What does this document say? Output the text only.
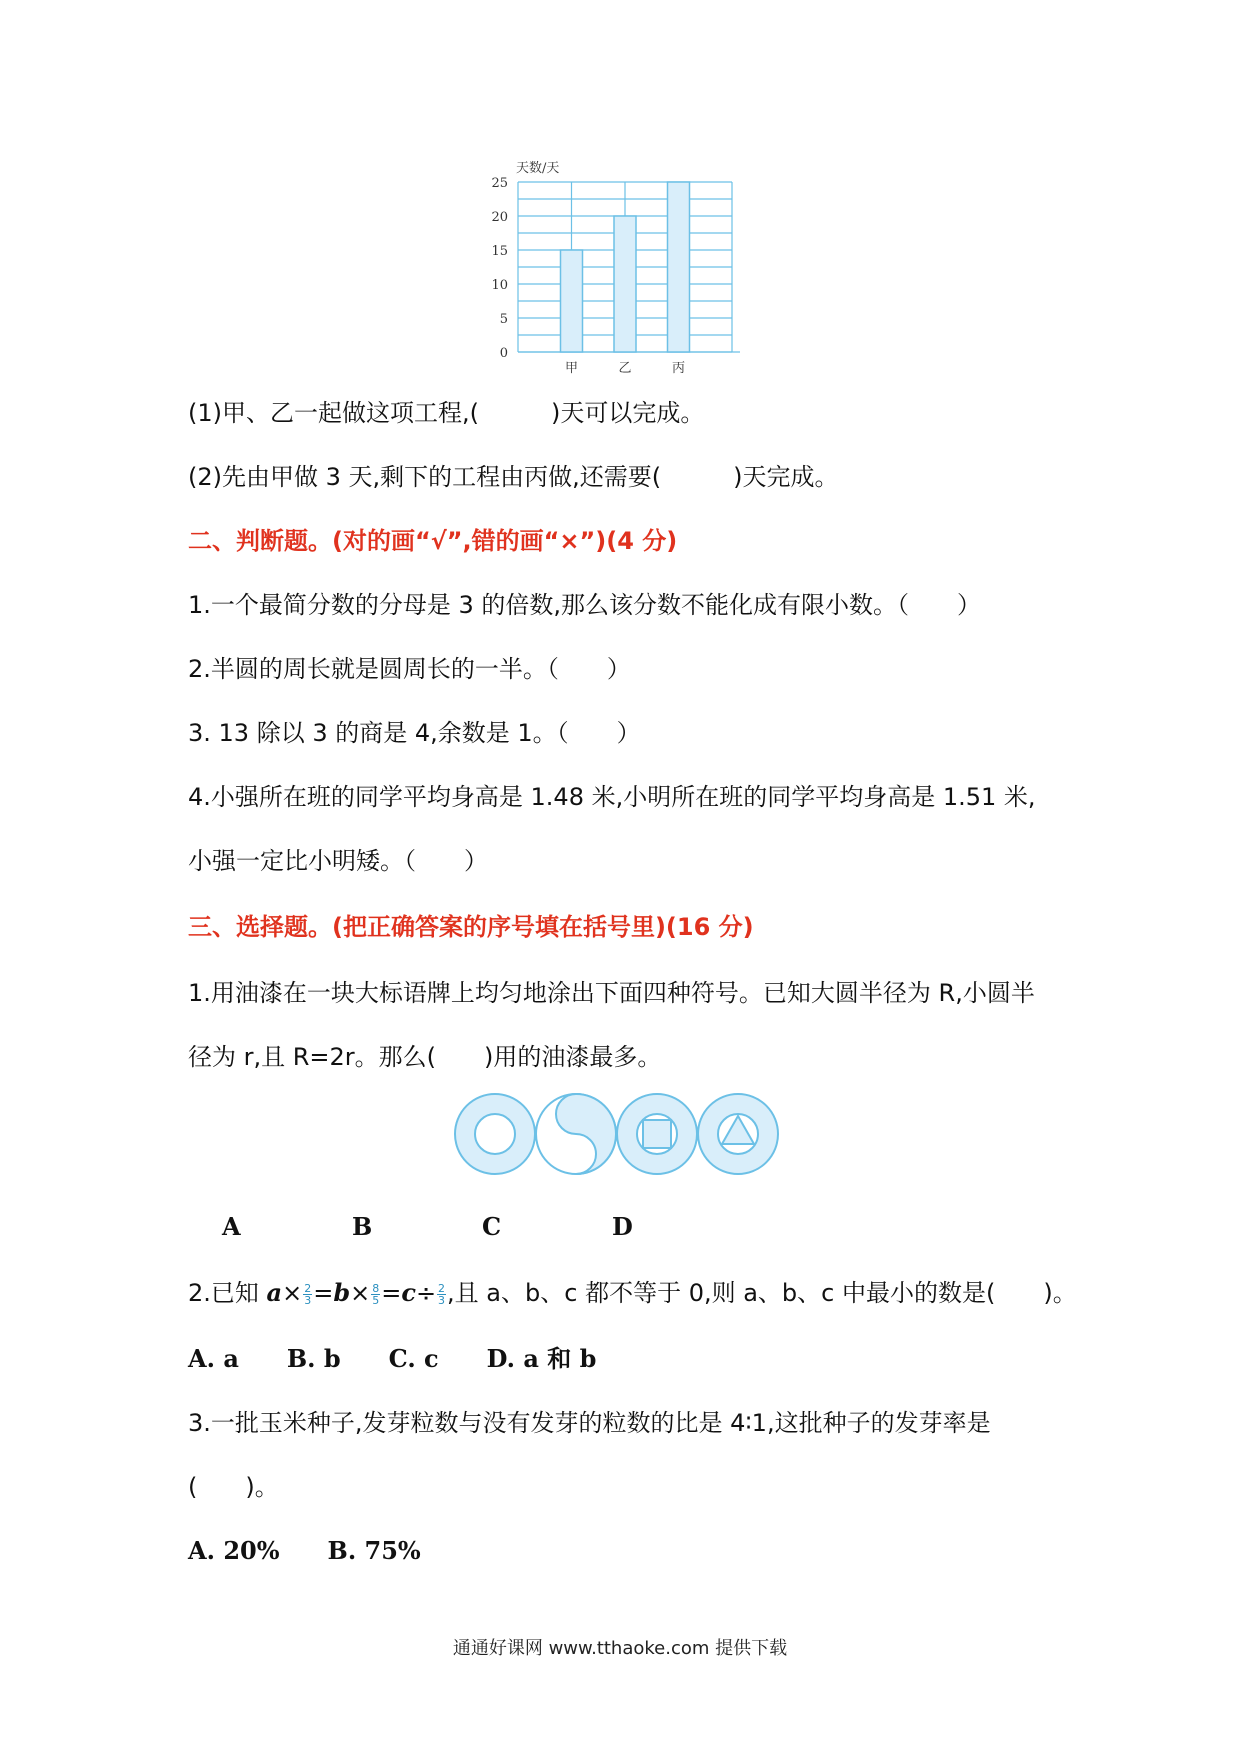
0
5
10
15
20
25
天数/天
甲	乙	丙
(1)甲、乙一起做这项工程,(　　　)天可以完成。
(2)先由甲做 3 天,剩下的工程由丙做,还需要(　　　)天完成。
二、判断题。(对的画“√”,错的画“×”)(4 分)
1.一个最简分数的分母是 3 的倍数,那么该分数不能化成有限小数。（　　）
2.半圆的周长就是圆周长的一半。（　　）
3. 13 除以 3 的商是 4,余数是 1。（　　）
4.小强所在班的同学平均身高是 1.48 米,小明所在班的同学平均身高是 1.51 米,
小强一定比小明矮。（　　）
三、选择题。(把正确答案的序号填在括号里)(16 分)
1.用油漆在一块大标语牌上均匀地涂出下面四种符号。已知大圆半径为 R,小圆半
径为 r,且 R=2r。那么(　　)用的油漆最多。
A	B	C	D
2.已知 $a\times \frac{2}{3} =b\times \frac{8}{5} =c\div \frac{2}{3}$ ,且 a、b、c 都不等于 0,则 a、b、c 中最小的数是(　　)。
A. a　　B. b　　C. c　　D. a 和 b
3.一批玉米种子,发芽粒数与没有发芽的粒数的比是 4∶1,这批种子的发芽率是
(　　)。
A. 20%　　B. 75%
通通好课网 www.tthaoke.com 提供下载
